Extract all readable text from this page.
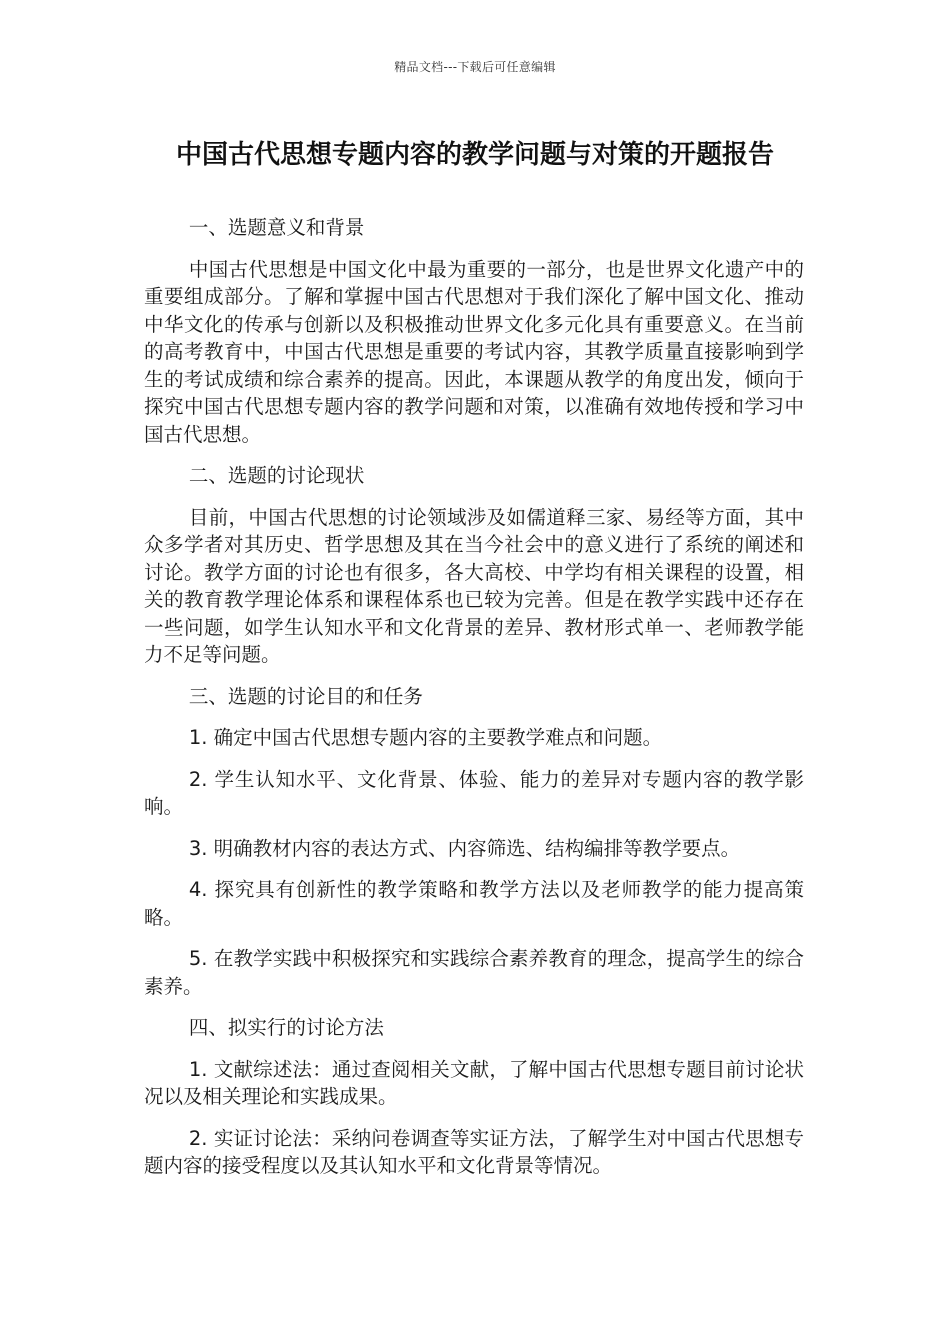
精品文档---下载后可任意编辑
中国古代思想专题内容的教学问题与对策的开题报告

一、选题意义和背景

中国古代思想是中国文化中最为重要的一部分，也是世界文化遗产中的重要组成部分。了解和掌握中国古代思想对于我们深化了解中国文化、推动中华文化的传承与创新以及积极推动世界文化多元化具有重要意义。在当前的高考教育中，中国古代思想是重要的考试内容，其教学质量直接影响到学生的考试成绩和综合素养的提高。因此，本课题从教学的角度出发，倾向于探究中国古代思想专题内容的教学问题和对策，以准确有效地传授和学习中国古代思想。

二、选题的讨论现状

目前，中国古代思想的讨论领域涉及如儒道释三家、易经等方面，其中众多学者对其历史、哲学思想及其在当今社会中的意义进行了系统的阐述和讨论。教学方面的讨论也有很多，各大高校、中学均有相关课程的设置，相关的教育教学理论体系和课程体系也已较为完善。但是在教学实践中还存在一些问题，如学生认知水平和文化背景的差异、教材形式单一、老师教学能力不足等问题。

三、选题的讨论目的和任务

1. 确定中国古代思想专题内容的主要教学难点和问题。

2. 学生认知水平、文化背景、体验、能力的差异对专题内容的教学影响。

3. 明确教材内容的表达方式、内容筛选、结构编排等教学要点。

4. 探究具有创新性的教学策略和教学方法以及老师教学的能力提高策略。

5. 在教学实践中积极探究和实践综合素养教育的理念，提高学生的综合素养。

四、拟实行的讨论方法

1. 文献综述法：通过查阅相关文献，了解中国古代思想专题目前讨论状况以及相关理论和实践成果。

2. 实证讨论法：采纳问卷调查等实证方法，了解学生对中国古代思想专题内容的接受程度以及其认知水平和文化背景等情况。
